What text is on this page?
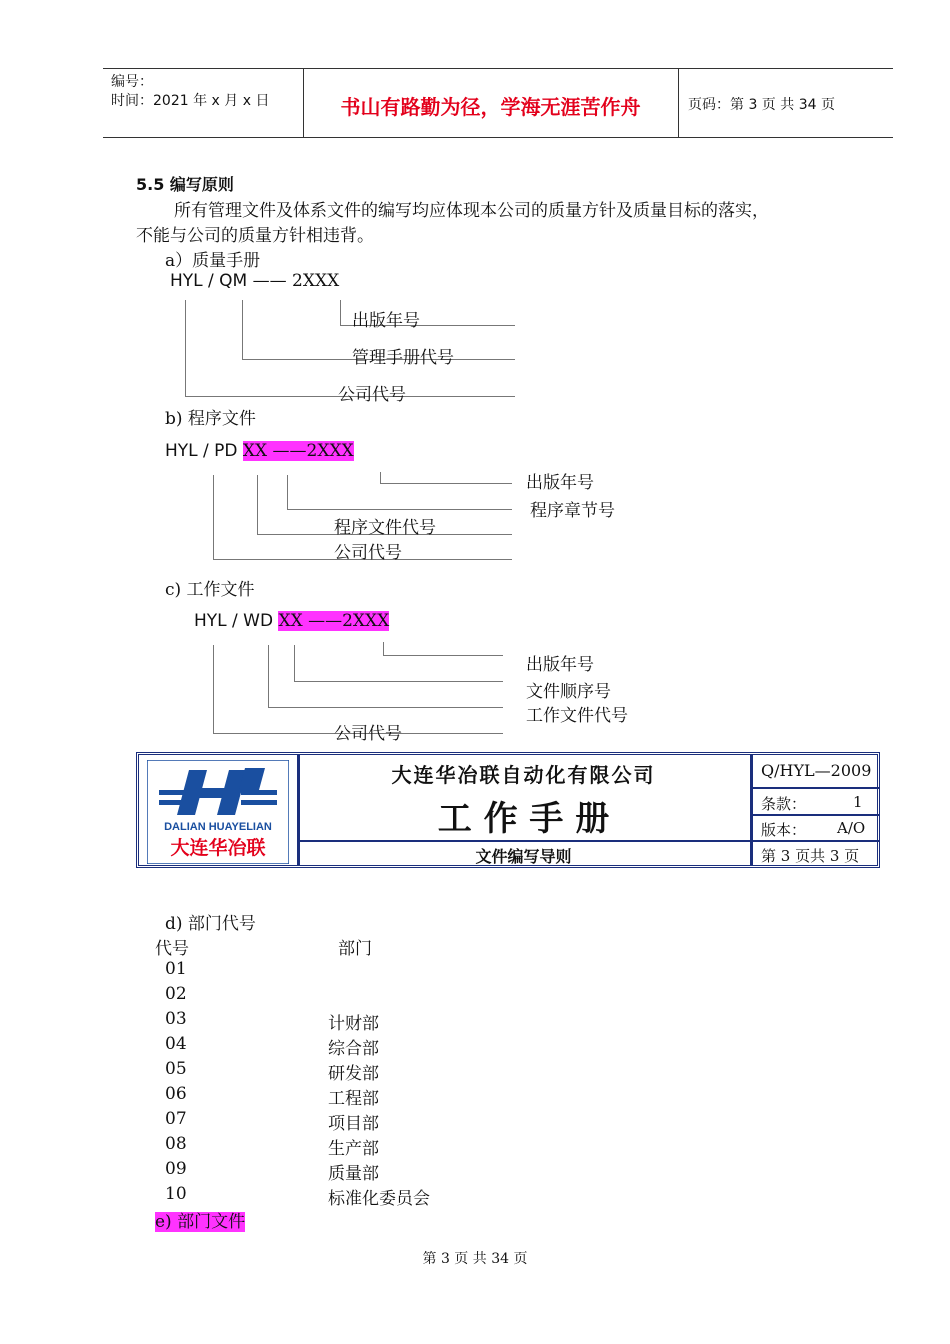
编号：
时间：2021 年 x 月 x 日	书山有路勤为径，学海无涯苦作舟	页码：第 3 页 共 34 页
5.5 编写原则
所有管理文件及体系文件的编写均应体现本公司的质量方针及质量目标的落实，
不能与公司的质量方针相违背。
a）质量手册
HYL / QM —— 2XXX
出版年号
管理手册代号
公司代号
b) 程序文件
HYL / PD XX ——2XXX
出版年号
程序章节号
程序文件代号
公司代号
c) 工作文件
HYL / WD XX ——2XXX
出版年号
文件顺序号
工作文件代号
公司代号
DALIAN HUAYELIAN
大连华冶联
大连华冶联自动化有限公司
工 作 手 册
文件编写导则
Q/HYL—2009
条款：	1
版本： A/O
第 3 页共 3 页
d) 部门代号
代号	部门
01
02
03	计财部
04	综合部
05	研发部
06	工程部
07	项目部
08	生产部
09	质量部
10	标准化委员会
e) 部门文件
第 3 页 共 34 页
